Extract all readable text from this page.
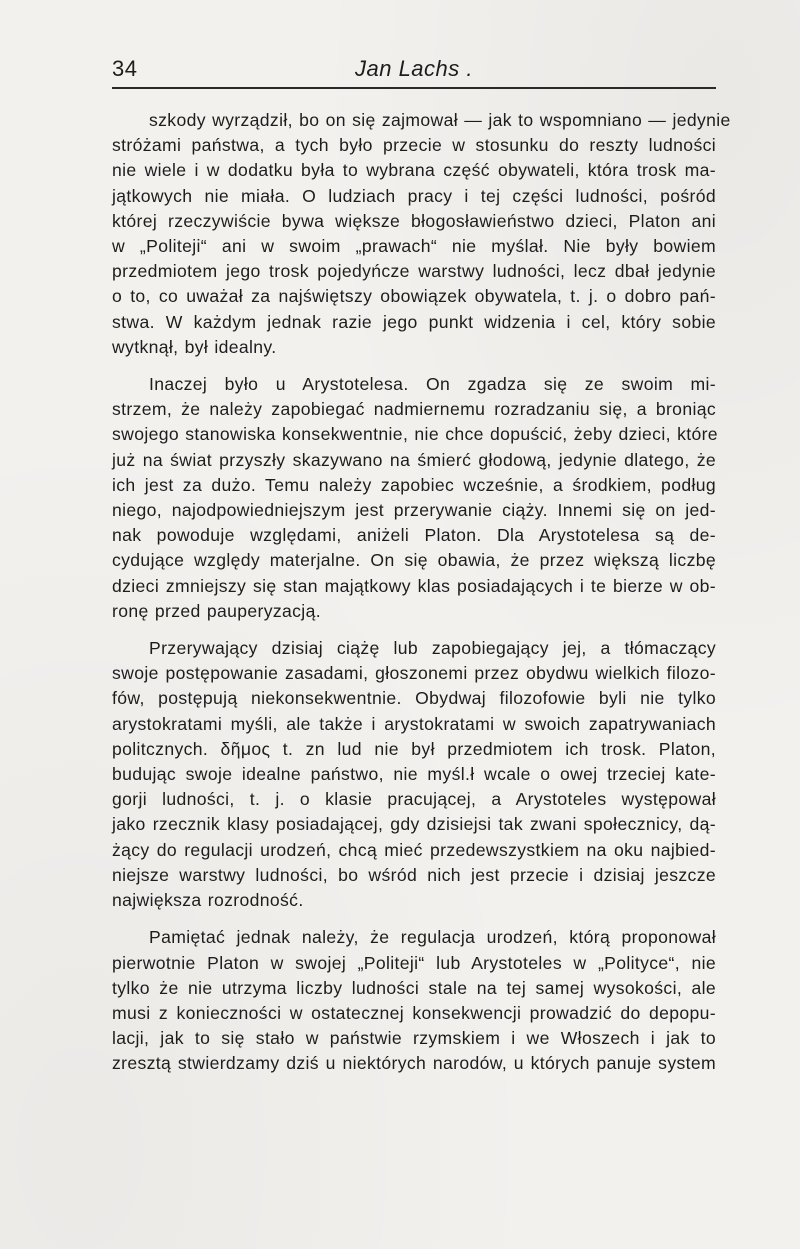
34	Jan Lachs .

szkody wyrządził, bo on się zajmował — jak to wspomniano — jedynie
stróżami państwa, a tych było przecie w stosunku do reszty ludności
nie wiele i w dodatku była to wybrana część obywateli, która trosk ma-
jątkowych nie miała. O ludziach pracy i tej części ludności, pośród
której rzeczywiście bywa większe błogosławieństwo dzieci, Platon ani
w „Politeji“ ani w swoim „prawach“ nie myślał. Nie były bowiem
przedmiotem jego trosk pojedyńcze warstwy ludności, lecz dbał jedynie
o to, co uważał za najświętszy obowiązek obywatela, t. j. o dobro pań-
stwa. W każdym jednak razie jego punkt widzenia i cel, który sobie
wytknął, był idealny.

Inaczej było u Arystotelesa. On zgadza się ze swoim mi-
strzem, że należy zapobiegać nadmiernemu rozradzaniu się, a broniąc
swojego stanowiska konsekwentnie, nie chce dopuścić, żeby dzieci, które
już na świat przyszły skazywano na śmierć głodową, jedynie dlatego, że
ich jest za dużo. Temu należy zapobiec wcześnie, a środkiem, podług
niego, najodpowiedniejszym jest przerywanie ciąży. Innemi się on jed-
nak powoduje względami, aniżeli Platon. Dla Arystotelesa są de-
cydujące względy materjalne. On się obawia, że przez większą liczbę
dzieci zmniejszy się stan majątkowy klas posiadających i te bierze w ob-
ronę przed pauperyzacją.

Przerywający dzisiaj ciążę lub zapobiegający jej, a tłómaczący
swoje postępowanie zasadami, głoszonemi przez obydwu wielkich filozo-
fów, postępują niekonsekwentnie. Obydwaj filozofowie byli nie tylko
arystokratami myśli, ale także i arystokratami w swoich zapatrywaniach
politcznych. δῆμος t. zn lud nie był przedmiotem ich trosk. Platon,
budując swoje idealne państwo, nie myśl.ł wcale o owej trzeciej kate-
gorji ludności, t. j. o klasie pracującej, a Arystoteles występował
jako rzecznik klasy posiadającej, gdy dzisiejsi tak zwani społecznicy, dą-
żący do regulacji urodzeń, chcą mieć przedewszystkiem na oku najbied-
niejsze warstwy ludności, bo wśród nich jest przecie i dzisiaj jeszcze
największa rozrodność.

Pamiętać jednak należy, że regulacja urodzeń, którą proponował
pierwotnie Platon w swojej „Politeji“ lub Arystoteles w „Polityce“, nie
tylko że nie utrzyma liczby ludności stale na tej samej wysokości, ale
musi z konieczności w ostatecznej konsekwencji prowadzić do depopu-
lacji, jak to się stało w państwie rzymskiem i we Włoszech i jak to
zresztą stwierdzamy dziś u niektórych narodów, u których panuje system
